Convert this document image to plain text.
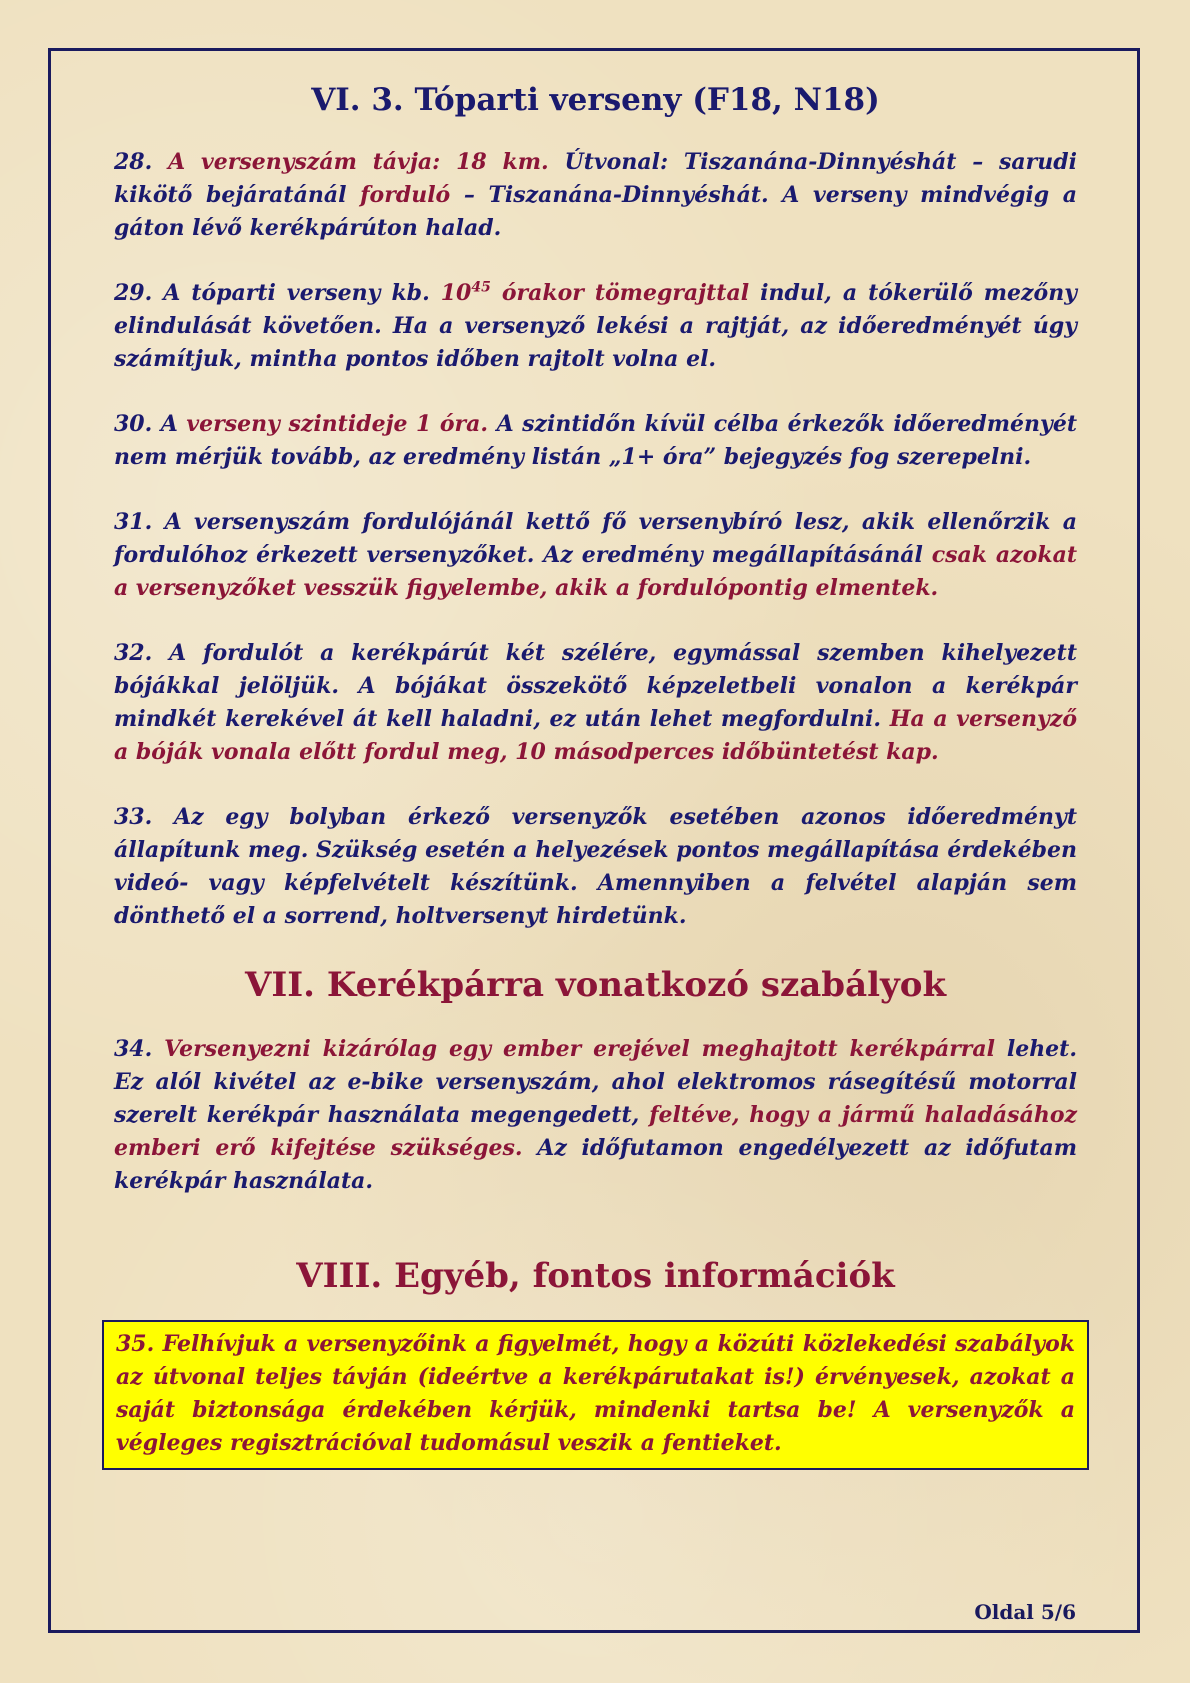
VI. 3. Tóparti verseny (F18, N18)

28. A versenyszám távja: 18 km. Útvonal: Tiszanána-Dinnyéshát – sarudi kikötő bejáratánál forduló – Tiszanána-Dinnyéshát. A verseny mindvégig a gáton lévő kerékpárúton halad.

29. A tóparti verseny kb. $10^{45}$ órakor tömegrajttal indul, a tókerülő mezőny elindulását követően. Ha a versenyző lekési a rajtját, az időeredményét úgy számítjuk, mintha pontos időben rajtolt volna el.

30. A verseny szintideje 1 óra. A szintidőn kívül célba érkezők időeredményét nem mérjük tovább, az eredmény listán „1+ óra” bejegyzés fog szerepelni.

31. A versenyszám fordulójánál kettő fő versenybíró lesz, akik ellenőrzik a fordulóhoz érkezett versenyzőket. Az eredmény megállapításánál csak azokat a versenyzőket vesszük figyelembe, akik a fordulópontig elmentek.

32. A fordulót a kerékpárút két szélére, egymással szemben kihelyezett bójákkal jelöljük. A bójákat összekötő képzeletbeli vonalon a kerékpár mindkét kerekével át kell haladni, ez után lehet megfordulni. Ha a versenyző a bóják vonala előtt fordul meg, 10 másodperces időbüntetést kap.

33. Az egy bolyban érkező versenyzők esetében azonos időeredményt állapítunk meg. Szükség esetén a helyezések pontos megállapítása érdekében videó- vagy képfelvételt készítünk. Amennyiben a felvétel alapján sem dönthető el a sorrend, holtversenyt hirdetünk.

VII. Kerékpárra vonatkozó szabályok

34. Versenyezni kizárólag egy ember erejével meghajtott kerékpárral lehet. Ez alól kivétel az e-bike versenyszám, ahol elektromos rásegítésű motorral szerelt kerékpár használata megengedett, feltéve, hogy a jármű haladásához emberi erő kifejtése szükséges. Az időfutamon engedélyezett az időfutam kerékpár használata.

VIII. Egyéb, fontos információk

35. Felhívjuk a versenyzőink a figyelmét, hogy a közúti közlekedési szabályok az útvonal teljes távján (ideértve a kerékpárutakat is!) érvényesek, azokat a saját biztonsága érdekében kérjük, mindenki tartsa be! A versenyzők a végleges regisztrációval tudomásul veszik a fentieket.

Oldal 5/6
